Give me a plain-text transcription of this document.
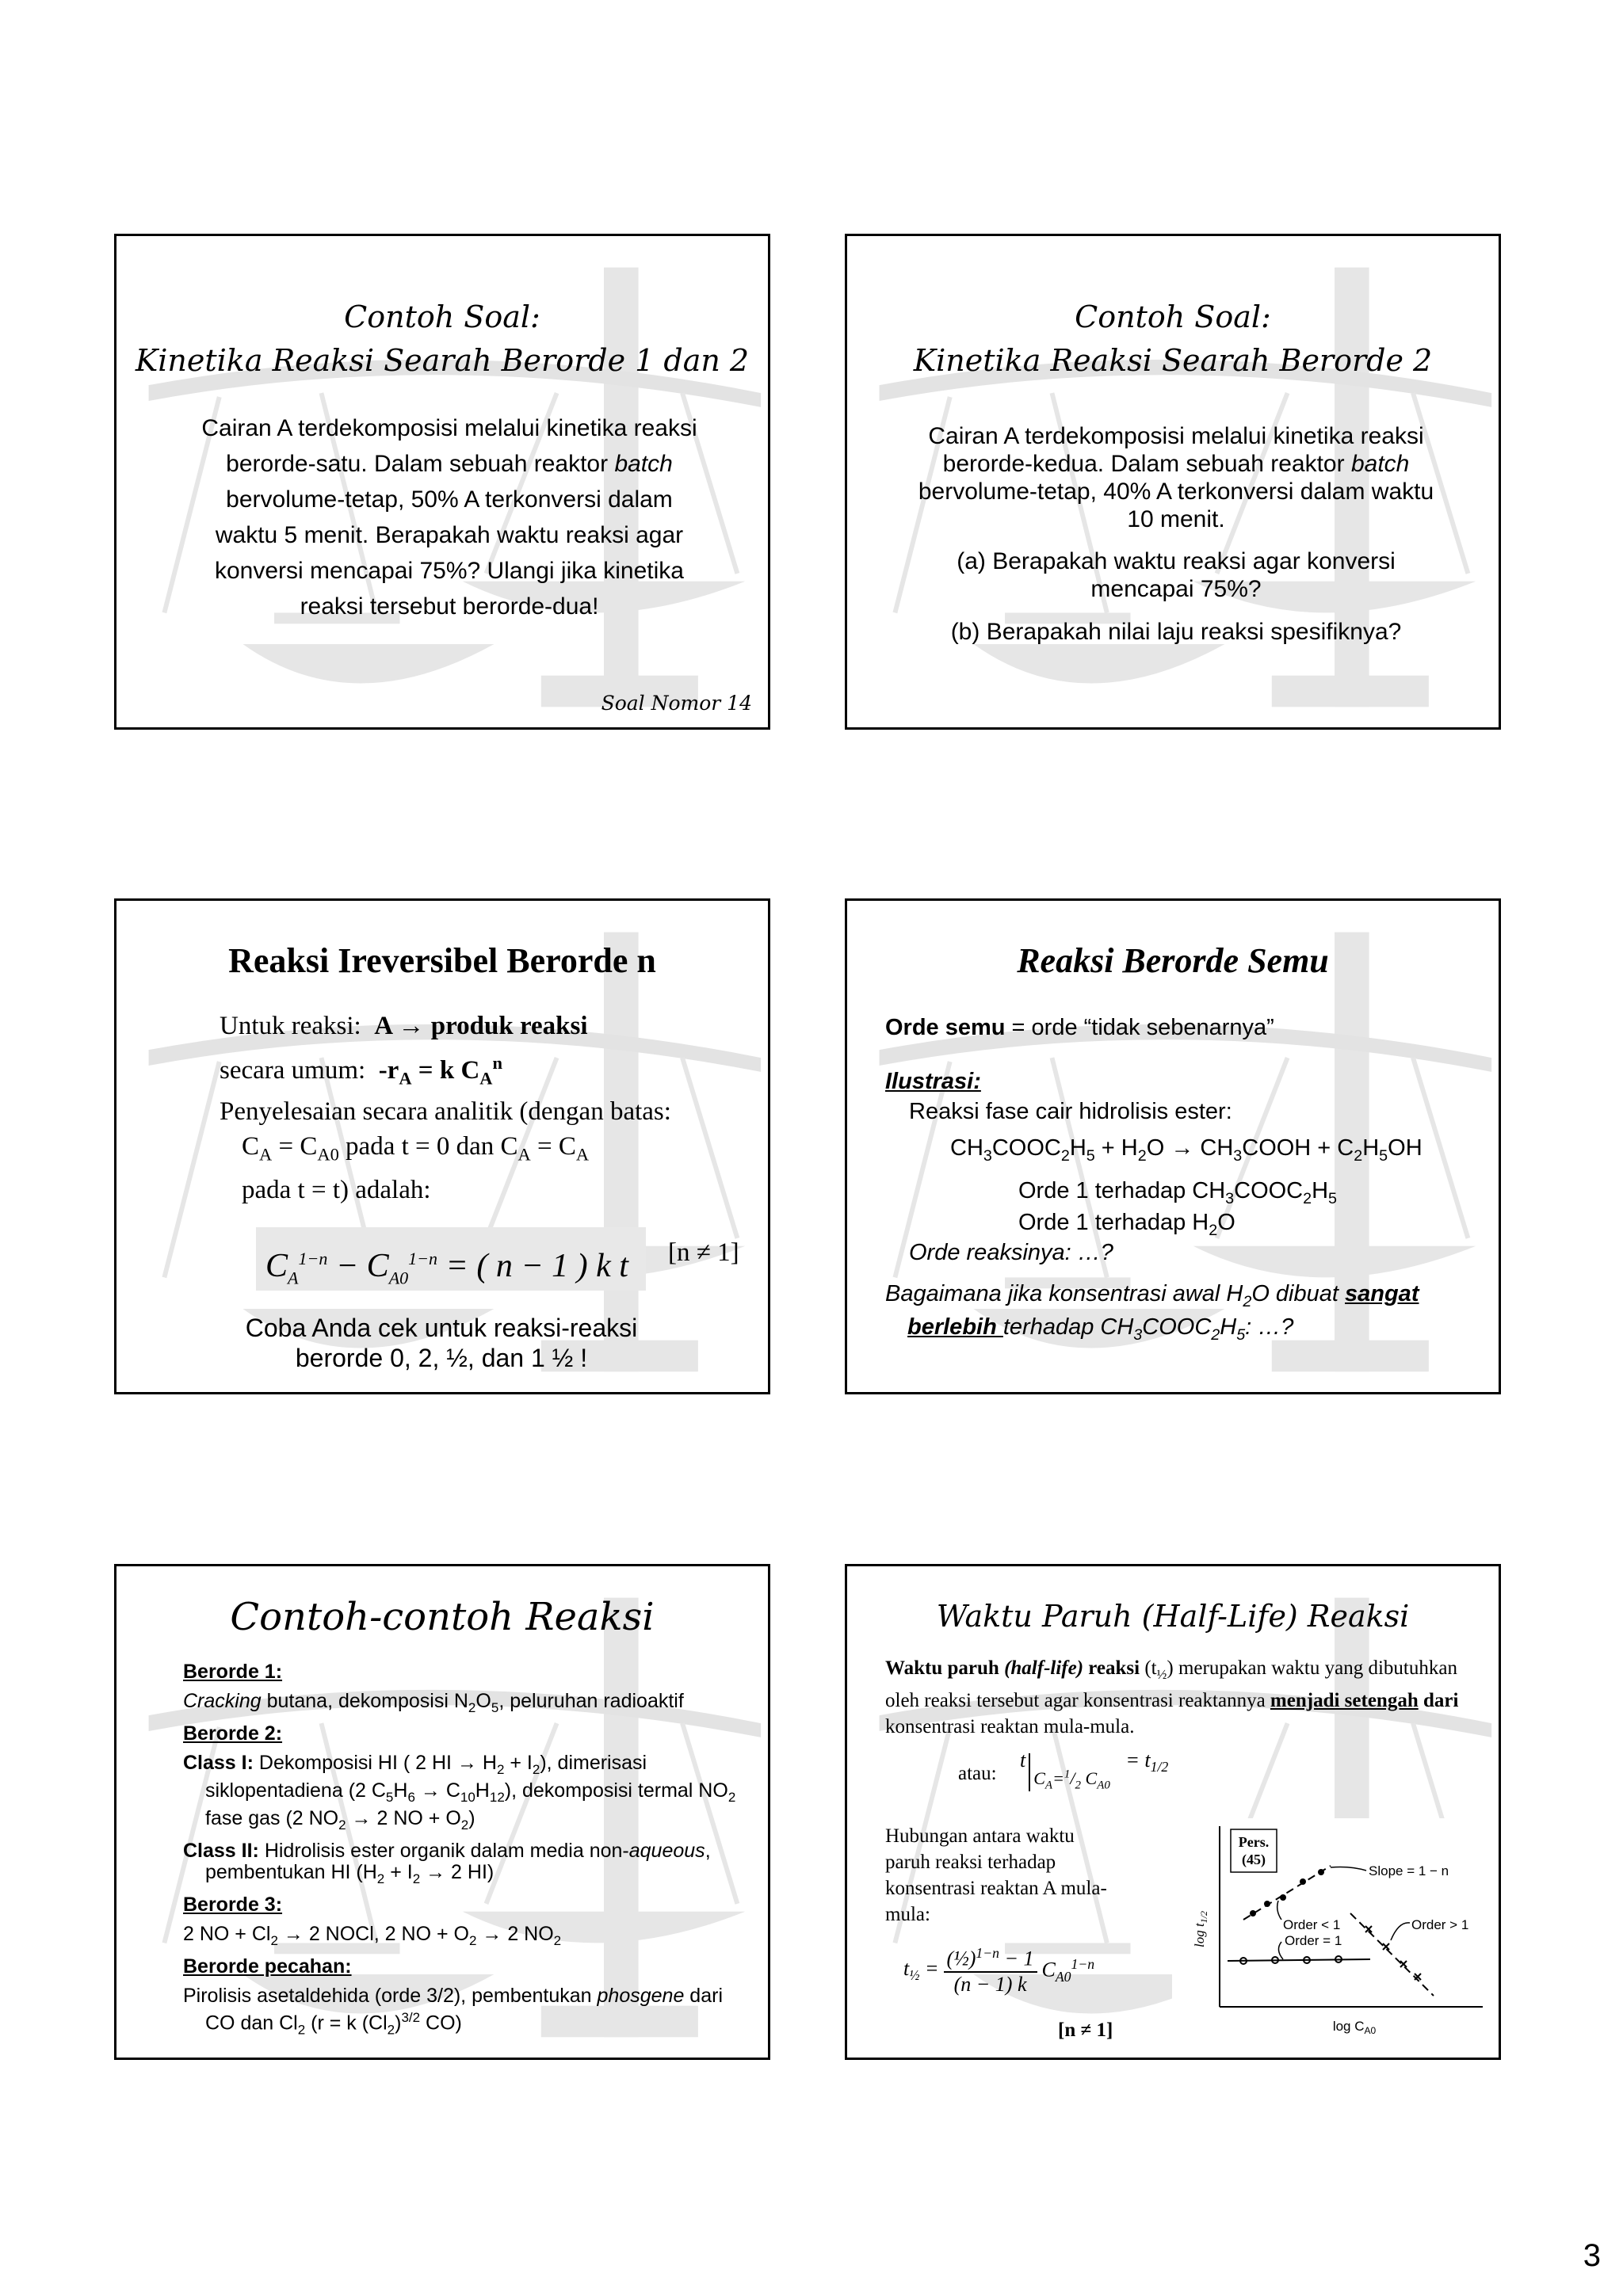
Contoh Soal:
Kinetika Reaksi Searah Berorde 1 dan 2
Cairan A terdekomposisi melalui kinetika reaksi berorde-satu. Dalam sebuah reaktor batch bervolume-tetap, 50% A terkonversi dalam waktu 5 menit. Berapakah waktu reaksi agar konversi mencapai 75%? Ulangi jika kinetika reaksi tersebut berorde-dua!
Soal Nomor 14
Contoh Soal:
Kinetika Reaksi Searah Berorde 2
Cairan A terdekomposisi melalui kinetika reaksi berorde-kedua. Dalam sebuah reaktor batch bervolume-tetap, 40% A terkonversi dalam waktu 10 menit.
(a) Berapakah waktu reaksi agar konversi mencapai 75%?
(b) Berapakah nilai laju reaksi spesifiknya?
Reaksi Ireversibel Berorde n
Untuk reaksi: A → produk reaksi
secara umum: $-r_A = k$ $C_A^n$
Penyelesaian secara analitik (dengan batas:
$C_A = C_{A0}$ pada t = 0 dan $C_A = C_A$
pada t = t) adalah:
$C_A^{1-n} - C_{A0}^{1-n}$ = ( n − 1 ) k t	[n ≠ 1]
Coba Anda cek untuk reaksi-reaksi berorde 0, 2, ½, dan 1 ½ !
Reaksi Berorde Semu
Orde semu = orde “tidak sebenarnya”
Ilustrasi:
Reaksi fase cair hidrolisis ester:
$CH_3COOC_2H_5 + H_2O$ → $CH_3COOH + C_2H_5OH$
Orde 1 terhadap $CH_3COOC_2H_5$
Orde 1 terhadap $H_2O$
Orde reaksinya: …?
Bagaimana jika konsentrasi awal $H_2O$ dibuat sangat berlebih terhadap $CH_3COOC_2H_5$: …?
Contoh-contoh Reaksi
Berorde 1:
Cracking butana, dekomposisi $N_2O_5$, peluruhan radioaktif
Berorde 2:
Class I: Dekomposisi HI ( 2 HI → $H_2 + I_2$), dimerisasi siklopentadiena (2 $C_5H_6 \to C_{10}H_{12}$), dekomposisi termal $NO_2$ fase gas (2 $NO_2 \to 2$ NO + $O_2$)
Class II: Hidrolisis ester organik dalam media non-aqueous, pembentukan HI ($H_2 + I_2 \to 2$ HI)
Berorde 3:
2 NO + $Cl_2 \to 2$ NOCl, 2 NO + $O_2 \to 2$ $NO_2$
Berorde pecahan:
Pirolisis asetaldehida (orde 3/2), pembentukan phosgene dari CO dan $Cl_2$ (r = k $(Cl_2)^{3/2}$ CO)
Waktu Paruh (Half-Life) Reaksi
Waktu paruh (half-life) reaksi $(t_{\frac{1}{2}})$ merupakan waktu yang dibutuhkan oleh reaksi tersebut agar konsentrasi reaktannya menjadi setengah dari konsentrasi reaktan mula-mula.
atau:
$tC_A=^1/_2$ $C_{A0} = t_{1/2}$
Hubungan antara waktu paruh reaksi terhadap konsentrasi reaktan A mula-mula:
$t_{\frac{1}{2}}$ =	(½)$^{1-n}$ − 1	$C_{A0}^{1-n}$
(n − 1) k
[n ≠ 1]
Pers.
(45)
Slope = 1 − n
Order < 1
Order = 1
Order > 1
$\log t_{1/2}$
$\log C_{A0}$
3
